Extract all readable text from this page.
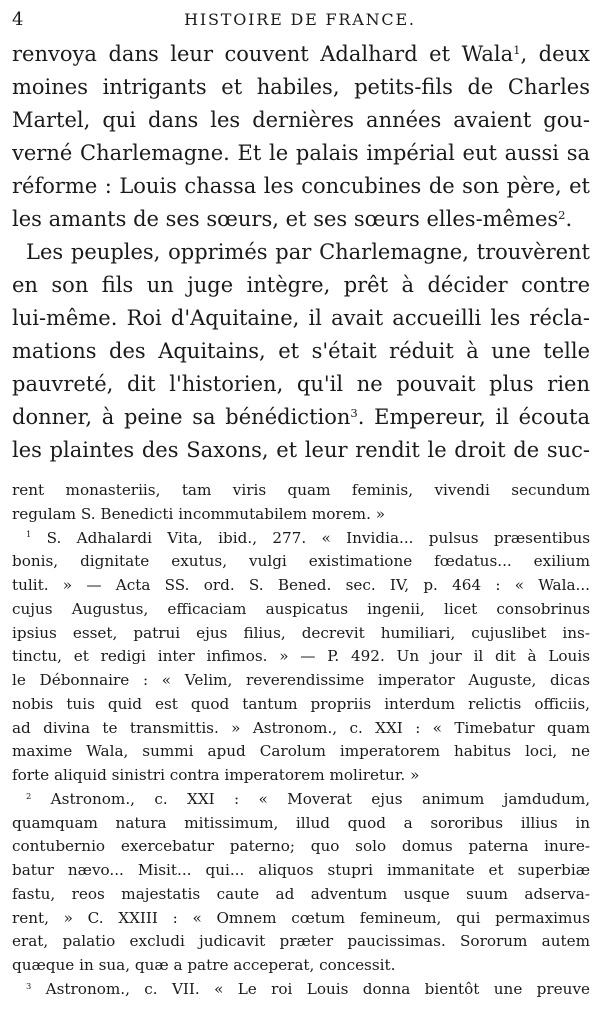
4	HISTOIRE DE FRANCE.
renvoya dans leur couvent Adalhard et Wala$^1$, deux
moines intrigants et habiles, petits-fils de Charles
Martel, qui dans les dernières années avaient gou-
verné Charlemagne. Et le palais impérial eut aussi sa
réforme : Louis chassa les concubines de son père, et
les amants de ses sœurs, et ses sœurs elles-mêmes$^2$.
Les peuples, opprimés par Charlemagne, trouvèrent
en son fils un juge intègre, prêt à décider contre
lui-même. Roi d'Aquitaine, il avait accueilli les récla-
mations des Aquitains, et s'était réduit à une telle
pauvreté, dit l'historien, qu'il ne pouvait plus rien
donner, à peine sa bénédiction$^3$. Empereur, il écouta
les plaintes des Saxons, et leur rendit le droit de suc-
rent monasteriis, tam viris quam feminis, vivendi secundum
regulam S. Benedicti incommutabilem morem. »
$^1$ S. Adhalardi Vita, ibid., 277. « Invidia... pulsus præsentibus
bonis, dignitate exutus, vulgi existimatione fœdatus... exilium
tulit. » — Acta SS. ord. S. Bened. sec. IV, p. 464 : « Wala...
cujus Augustus, efficaciam auspicatus ingenii, licet consobrinus
ipsius esset, patrui ejus filius, decrevit humiliari, cujuslibet ins-
tinctu, et redigi inter infimos. » — P. 492. Un jour il dit à Louis
le Débonnaire : « Velim, reverendissime imperator Auguste, dicas
nobis tuis quid est quod tantum propriis interdum relictis officiis,
ad divina te transmittis. » Astronom., c. XXI : « Timebatur quam
maxime Wala, summi apud Carolum imperatorem habitus loci, ne
forte aliquid sinistri contra imperatorem moliretur. »
$^2$ Astronom., c. XXI : « Moverat ejus animum jamdudum,
quamquam natura mitissimum, illud quod a sororibus illius in
contubernio exercebatur paterno; quo solo domus paterna inure-
batur nævo... Misit... qui... aliquos stupri immanitate et superbiæ
fastu, reos majestatis caute ad adventum usque suum adserva-
rent, » C. XXIII : « Omnem cœtum femineum, qui permaximus
erat, palatio excludi judicavit præter paucissimas. Sororum autem
quæque in sua, quæ a patre acceperat, concessit.
$^3$ Astronom., c. VII. « Le roi Louis donna bientôt une preuve
